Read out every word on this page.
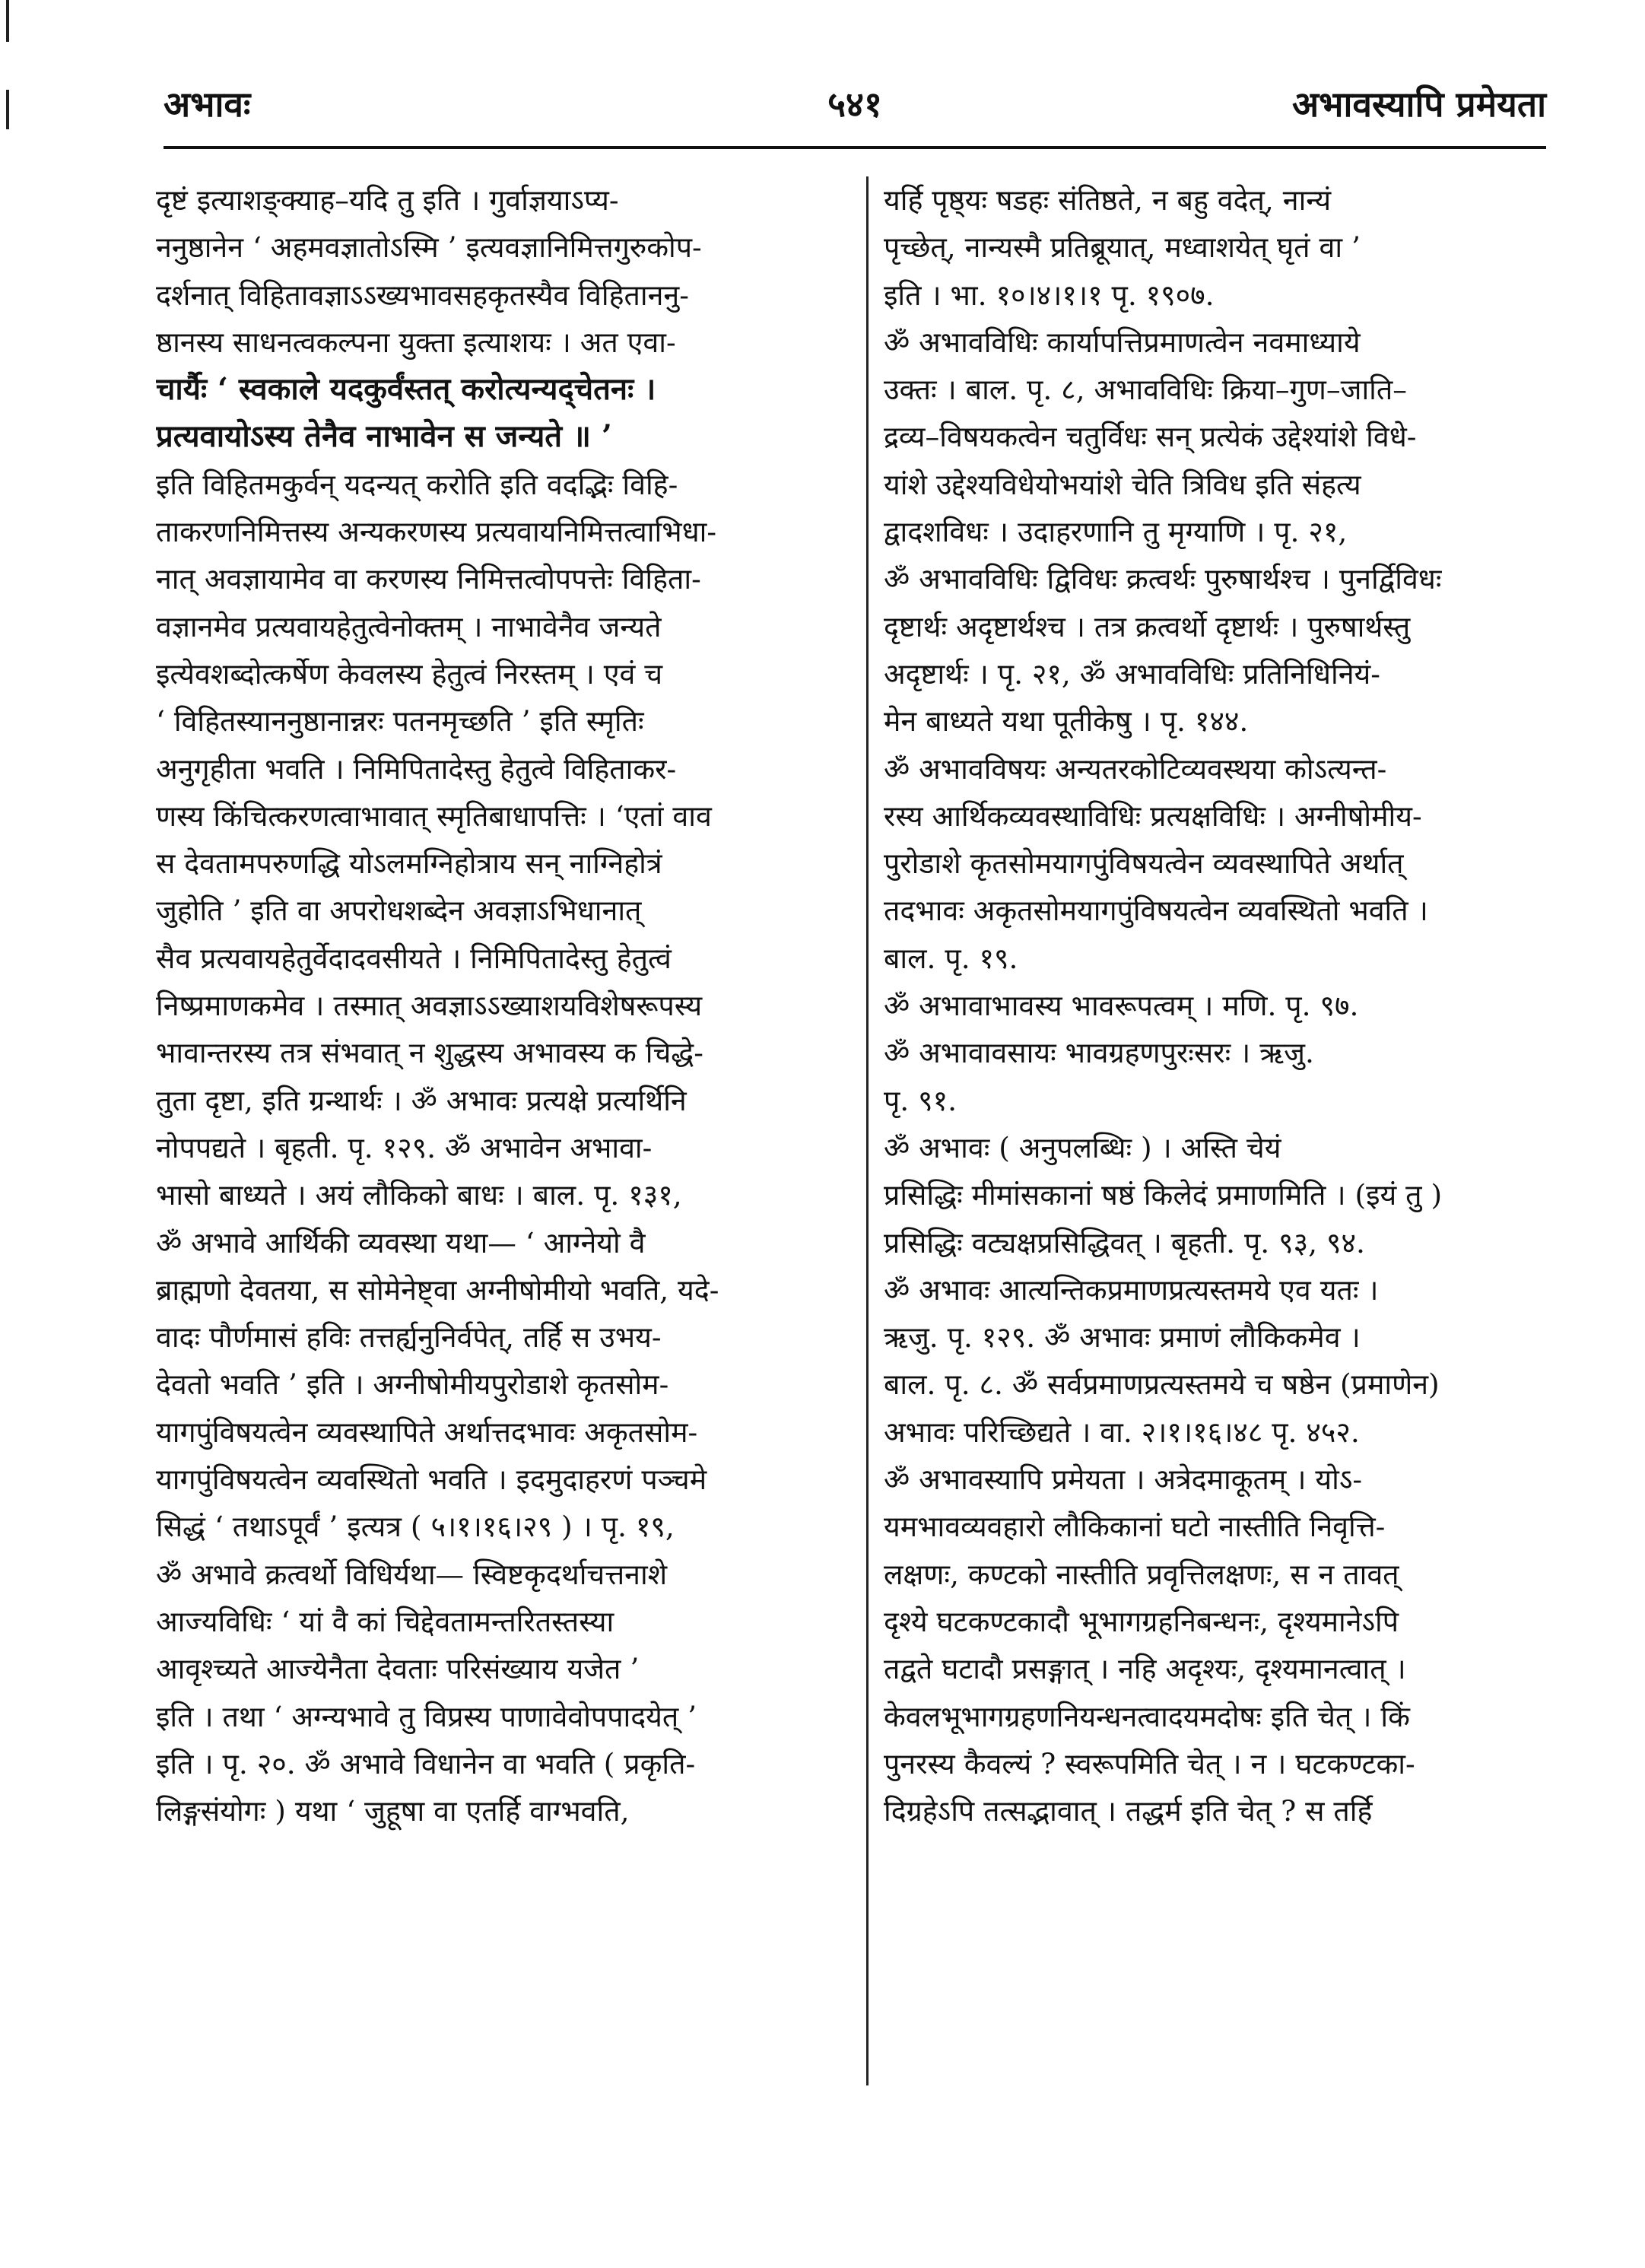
अभावः	५४१	अभावस्यापि प्रमेयता
दृष्टं इत्याशङ्क्याह–यदि तु इति । गुर्वाज्ञयाऽप्य-
ननुष्ठानेन ‘ अहमवज्ञातोऽस्मि ’ इत्यवज्ञानिमित्तगुरुकोप-
दर्शनात् विहितावज्ञाऽऽख्यभावसहकृतस्यैव विहिताननु-
ष्ठानस्य साधनत्वकल्पना युक्ता इत्याशयः । अत एवा-
चार्यैः ‘ स्वकाले यदकुर्वंस्तत् करोत्यन्यद्चेतनः ।
प्रत्यवायोऽस्य तेनैव नाभावेन स जन्यते ॥ ’
इति विहितमकुर्वन् यदन्यत् करोति इति वदद्भिः विहि-
ताकरणनिमित्तस्य अन्यकरणस्य प्रत्यवायनिमित्तत्वाभिधा-
नात् अवज्ञायामेव वा करणस्य निमित्तत्वोपपत्तेः विहिता-
वज्ञानमेव प्रत्यवायहेतुत्वेनोक्तम् । नाभावेनैव जन्यते
इत्येवशब्दोत्कर्षेण केवलस्य हेतुत्वं निरस्तम् । एवं च
‘ विहितस्याननुष्ठानान्नरः पतनमृच्छति ’ इति स्मृतिः
अनुगृहीता भवति । निमिपितादेस्तु हेतुत्वे विहिताकर-
णस्य किंचित्करणत्वाभावात् स्मृतिबाधापत्तिः । ‘एतां वाव
स देवतामपरुणद्धि योऽलमग्निहोत्राय सन् नाग्निहोत्रं
जुहोति ’ इति वा अपरोधशब्देन अवज्ञाऽभिधानात्
सैव प्रत्यवायहेतुर्वेदादवसीयते । निमिपितादेस्तु हेतुत्वं
निष्प्रमाणकमेव । तस्मात् अवज्ञाऽऽख्याशयविशेषरूपस्य
भावान्तरस्य तत्र संभवात् न शुद्धस्य अभावस्य क चिद्धे-
तुता दृष्टा, इति ग्रन्थार्थः । ॐ अभावः प्रत्यक्षे प्रत्यर्थिनि
नोपपद्यते । बृहती. पृ. १२९. ॐ अभावेन अभावा-
भासो बाध्यते । अयं लौकिको बाधः । बाल. पृ. १३१,
ॐ अभावे आर्थिकी व्यवस्था यथा— ‘ आग्नेयो वै
ब्राह्मणो देवतया, स सोमेनेष्ट्वा अग्नीषोमीयो भवति, यदे-
वादः पौर्णमासं हविः तत्तर्ह्यनुनिर्वपेत्, तर्हि स उभय-
देवतो भवति ’ इति । अग्नीषोमीयपुरोडाशे कृतसोम-
यागपुंविषयत्वेन व्यवस्थापिते अर्थात्तदभावः अकृतसोम-
यागपुंविषयत्वेन व्यवस्थितो भवति । इदमुदाहरणं पञ्चमे
सिद्धं ‘ तथाऽपूर्वं ’ इत्यत्र ( ५।१।१६।२९ ) । पृ. १९,
ॐ अभावे क्रत्वर्थो विधिर्यथा— स्विष्टकृदर्थाचत्तनाशे
आज्यविधिः ‘ यां वै कां चिद्देवतामन्तरितस्तस्या
आवृश्च्यते आज्येनैता देवताः परिसंख्याय यजेत ’
इति । तथा ‘ अग्न्यभावे तु विप्रस्य पाणावेवोपपादयेत् ’
इति । पृ. २०. ॐ अभावे विधानेन वा भवति ( प्रकृति-
लिङ्गसंयोगः ) यथा ‘ जुहूषा वा एतर्हि वाग्भवति,
यर्हि पृष्ठ्यः षडहः संतिष्ठते, न बहु वदेत्, नान्यं
पृच्छेत्, नान्यस्मै प्रतिब्रूयात्, मध्वाशयेत् घृतं वा ’
इति । भा. १०।४।१।१ पृ. १९०७.
ॐ अभावविधिः कार्यापत्तिप्रमाणत्वेन नवमाध्याये
उक्तः । बाल. पृ. ८, अभावविधिः क्रिया–गुण–जाति–
द्रव्य–विषयकत्वेन चतुर्विधः सन् प्रत्येकं उद्देश्यांशे विधे-
यांशे उद्देश्यविधेयोभयांशे चेति त्रिविध इति संहत्य
द्वादशविधः । उदाहरणानि तु मृग्याणि । पृ. २१,
ॐ अभावविधिः द्विविधः क्रत्वर्थः पुरुषार्थश्च । पुनर्द्विविधः
दृष्टार्थः अदृष्टार्थश्च । तत्र क्रत्वर्थो दृष्टार्थः । पुरुषार्थस्तु
अदृष्टार्थः । पृ. २१, ॐ अभावविधिः प्रतिनिधिनियं-
मेन बाध्यते यथा पूतीकेषु । पृ. १४४.
ॐ अभावविषयः अन्यतरकोटिव्यवस्थया कोऽत्यन्त-
रस्य आर्थिकव्यवस्थाविधिः प्रत्यक्षविधिः । अग्नीषोमीय-
पुरोडाशे कृतसोमयागपुंविषयत्वेन व्यवस्थापिते अर्थात्
तदभावः अकृतसोमयागपुंविषयत्वेन व्यवस्थितो भवति ।
बाल. पृ. १९.
ॐ अभावाभावस्य भावरूपत्वम् । मणि. पृ. ९७.
ॐ अभावावसायः भावग्रहणपुरःसरः । ऋजु.
पृ. ९१.
ॐ अभावः ( अनुपलब्धिः ) । अस्ति चेयं
प्रसिद्धिः मीमांसकानां षष्ठं किलेदं प्रमाणमिति । (इयं तु )
प्रसिद्धिः वट्यक्षप्रसिद्धिवत् । बृहती. पृ. ९३, ९४.
ॐ अभावः आत्यन्तिकप्रमाणप्रत्यस्तमये एव यतः ।
ऋजु. पृ. १२९. ॐ अभावः प्रमाणं लौकिकमेव ।
बाल. पृ. ८. ॐ सर्वप्रमाणप्रत्यस्तमये च षष्ठेन (प्रमाणेन)
अभावः परिच्छिद्यते । वा. २।१।१६।४८ पृ. ४५२.
ॐ अभावस्यापि प्रमेयता । अत्रेदमाकूतम् । योऽ-
यमभावव्यवहारो लौकिकानां घटो नास्तीति निवृत्ति-
लक्षणः, कण्टको नास्तीति प्रवृत्तिलक्षणः, स न तावत्
दृश्ये घटकण्टकादौ भूभागग्रहनिबन्धनः, दृश्यमानेऽपि
तद्वते घटादौ प्रसङ्गात् । नहि अदृश्यः, दृश्यमानत्वात् ।
केवलभूभागग्रहणनियन्धनत्वादयमदोषः इति चेत् । किं
पुनरस्य कैवल्यं ? स्वरूपमिति चेत् । न । घटकण्टका-
दिग्रहेऽपि तत्सद्भावात् । तद्धर्म इति चेत् ? स तर्हि
